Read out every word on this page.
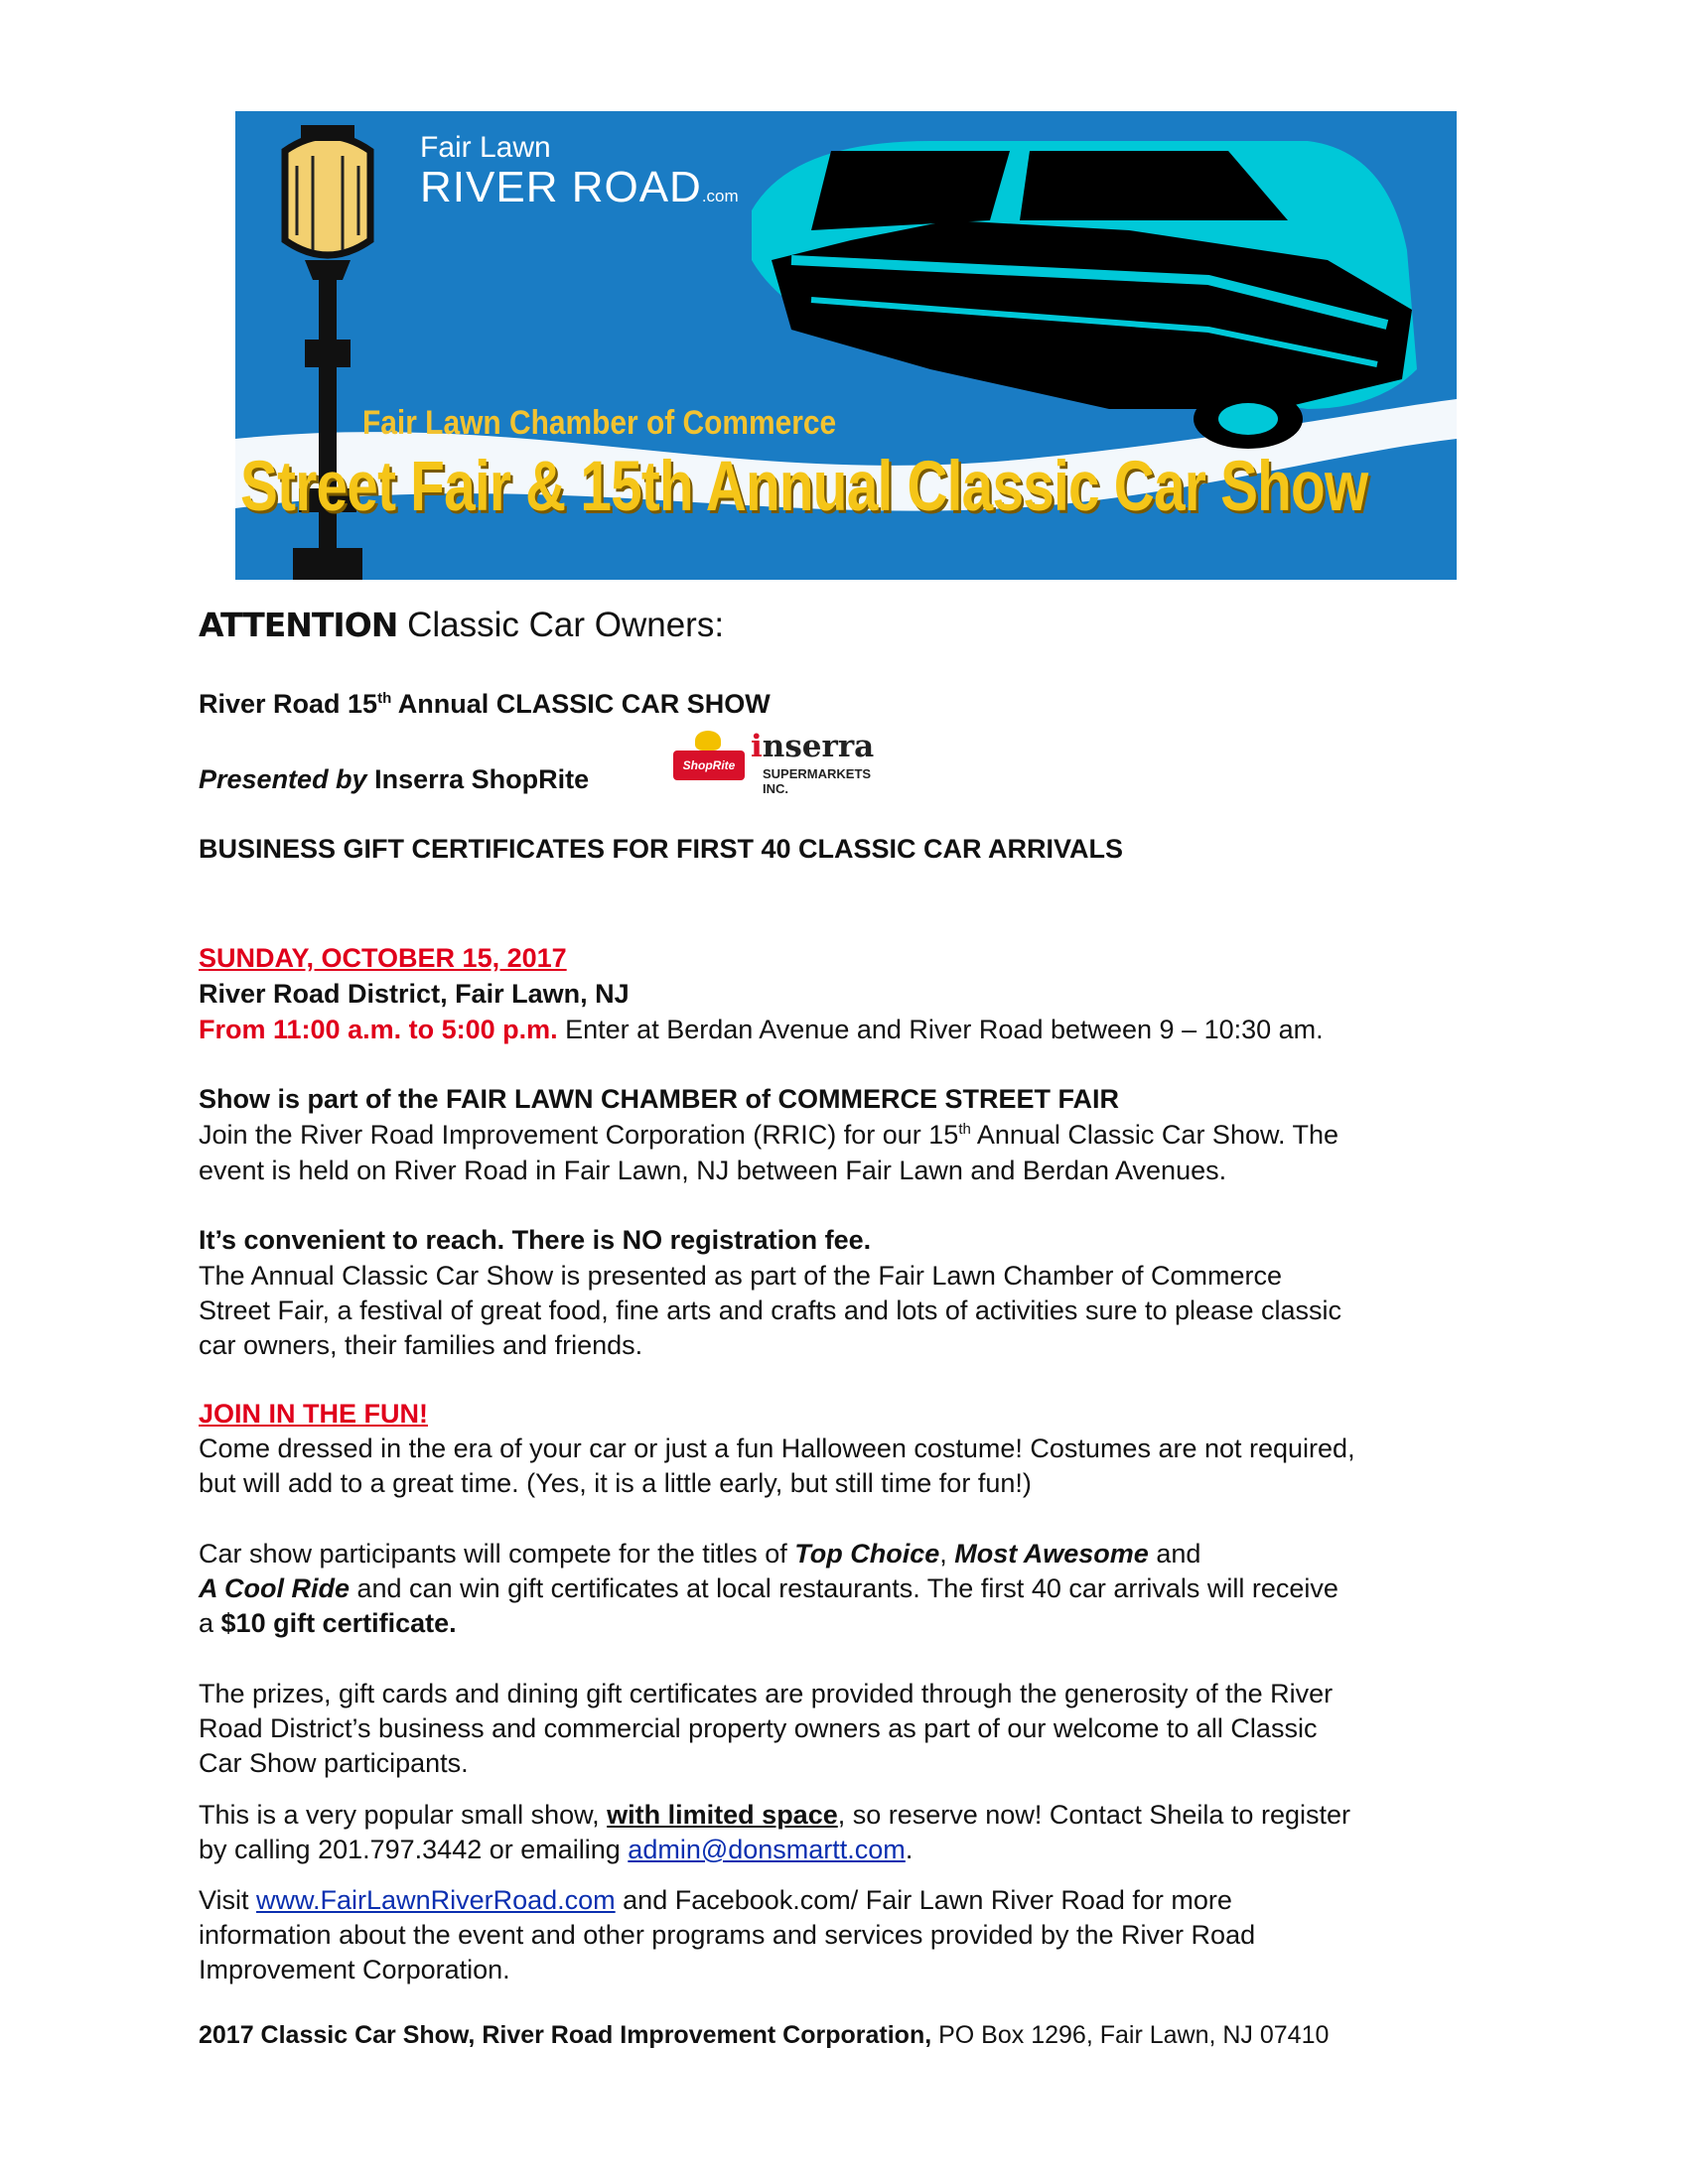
Fair Lawn
RIVER ROAD.com
Fair Lawn Chamber of Commerce
Street Fair & 15th Annual Classic Car Show
ATTENTION Classic Car Owners:
River Road 15th Annual CLASSIC CAR SHOW
Presented by Inserra ShopRite	ShopRite
inserra
SUPERMARKETS INC.
BUSINESS GIFT CERTIFICATES FOR FIRST 40 CLASSIC CAR ARRIVALS
SUNDAY, OCTOBER 15, 2017
River Road District, Fair Lawn, NJ
From 11:00 a.m. to 5:00 p.m. Enter at Berdan Avenue and River Road between 9 – 10:30 am.
Show is part of the FAIR LAWN CHAMBER of COMMERCE STREET FAIR
Join the River Road Improvement Corporation (RRIC) for our 15th Annual Classic Car Show. The
event is held on River Road in Fair Lawn, NJ between Fair Lawn and Berdan Avenues.
It’s convenient to reach. There is NO registration fee.
The Annual Classic Car Show is presented as part of the Fair Lawn Chamber of Commerce
Street Fair, a festival of great food, fine arts and crafts and lots of activities sure to please classic
car owners, their families and friends.
JOIN IN THE FUN!
Come dressed in the era of your car or just a fun Halloween costume! Costumes are not required,
but will add to a great time. (Yes, it is a little early, but still time for fun!)
Car show participants will compete for the titles of Top Choice, Most Awesome and
A Cool Ride and can win gift certificates at local restaurants. The first 40 car arrivals will receive
a $10 gift certificate.
The prizes, gift cards and dining gift certificates are provided through the generosity of the River
Road District’s business and commercial property owners as part of our welcome to all Classic
Car Show participants.
This is a very popular small show, with limited space, so reserve now! Contact Sheila to register
by calling 201.797.3442 or emailing admin@donsmartt.com.
Visit www.FairLawnRiverRoad.com and Facebook.com/ Fair Lawn River Road for more
information about the event and other programs and services provided by the River Road
Improvement Corporation.
2017 Classic Car Show, River Road Improvement Corporation, PO Box 1296, Fair Lawn, NJ 07410
